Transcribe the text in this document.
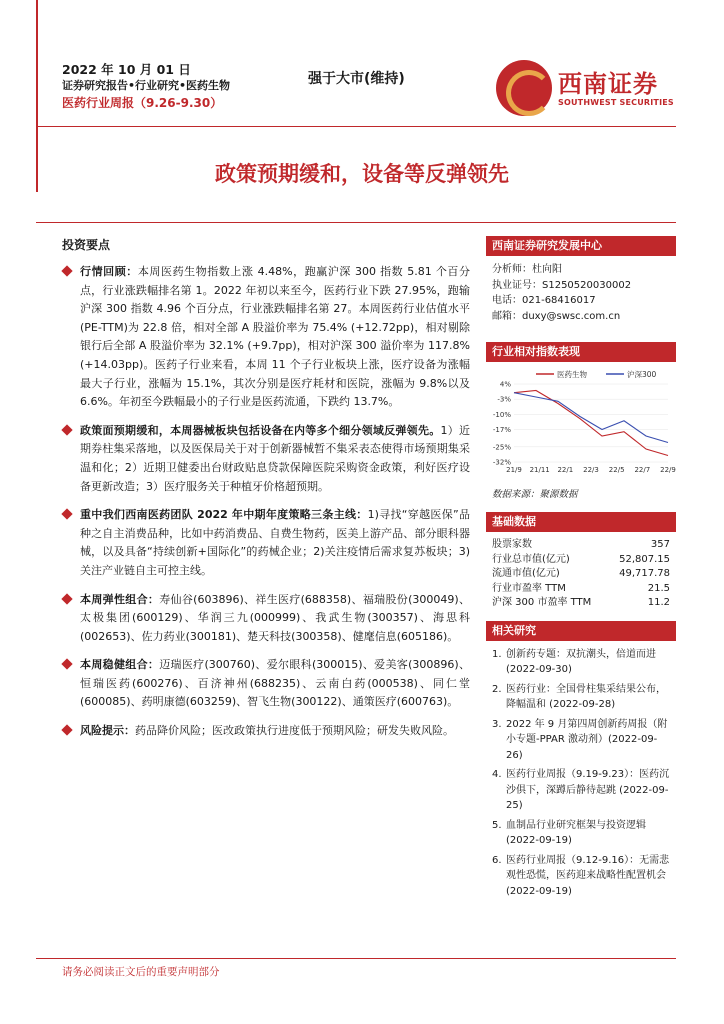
2022 年 10 月 01 日
证券研究报告•行业研究•医药生物
医药行业周报（9.26-9.30）
强于大市(维持)	西南证券
SOUTHWEST SECURITIES
政策预期缓和，设备等反弹领先
投资要点
行情回顾：本周医药生物指数上涨 4.48%，跑赢沪深 300 指数 5.81 个百分点，行业涨跌幅排名第 1。2022 年初以来至今，医药行业下跌 27.95%，跑输沪深 300 指数 4.96 个百分点，行业涨跌幅排名第 27。本周医药行业估值水平(PE-TTM)为 22.8 倍，相对全部 A 股溢价率为 75.4% (+12.72pp)，相对剔除银行后全部 A 股溢价率为 32.1% (+9.7pp)，相对沪深 300 溢价率为 117.8% (+14.03pp)。医药子行业来看，本周 11 个子行业板块上涨，医疗设备为涨幅最大子行业，涨幅为 15.1%，其次分别是医疗耗材和医院，涨幅为 9.8%以及 6.6%。年初至今跌幅最小的子行业是医药流通，下跌约 13.7%。
政策面预期缓和，本周器械板块包括设备在内等多个细分领域反弹领先。1）近期券柱集采落地，以及医保局关于对于创新器械暂不集采表态使得市场预期集采温和化；2）近期卫健委出台财政贴息贷款保障医院采购资金政策，利好医疗设备更新改造；3）医疗服务关于种植牙价格超预期。
重中我们西南医药团队 2022 年中期年度策略三条主线：1)寻找“穿越医保”品种之自主消费品种，比如中药消费品、自费生物药，医美上游产品、部分眼科器械，以及具备“持续创新+国际化”的药械企业；2)关注疫情后需求复苏板块；3)关注产业链自主可控主线。
本周弹性组合：寿仙谷(603896)、祥生医疗(688358)、福瑞股份(300049)、太极集团(600129)、华润三九(000999)、我武生物(300357)、海思科(002653)、佐力药业(300181)、楚天科技(300358)、健麾信息(605186)。
本周稳健组合：迈瑞医疗(300760)、爱尔眼科(300015)、爱美客(300896)、恒瑞医药(600276)、百济神州(688235)、云南白药(000538)、同仁堂(600085)、药明康德(603259)、智飞生物(300122)、通策医疗(600763)。
风险提示：药品降价风险；医改政策执行进度低于预期风险；研发失败风险。
西南证券研究发展中心
分析师：杜向阳
执业证号：S1250520030002
电话：021-68416017
邮箱：duxy@swsc.com.cn
行业相对指数表现
医药生物	沪深300
4%
-3%
-10%
-17%
-25%
-32%
21/9 21/11 22/1 22/3 22/5 22/7 22/9
数据来源：聚源数据
基础数据
股票家数	357
行业总市值(亿元)	52,807.15
流通市值(亿元)	49,717.78
行业市盈率 TTM	21.5
沪深 300 市盈率 TTM	11.2
相关研究
1. 创新药专题：双抗潮头，倍道而进 (2022-09-30)
2. 医药行业：全国骨柱集采结果公布，降幅温和 (2022-09-28)
3. 2022 年 9 月第四周创新药周报（附小专题-PPAR 激动剂）(2022-09-26)
4. 医药行业周报（9.19-9.23）：医药沉沙俱下，深蹲后静待起跳 (2022-09-25)
5. 血制品行业研究框架与投资逻辑 (2022-09-19)
6. 医药行业周报（9.12-9.16）：无需悲观性恐慌，医药迎来战略性配置机会 (2022-09-19)
请务必阅读正文后的重要声明部分
